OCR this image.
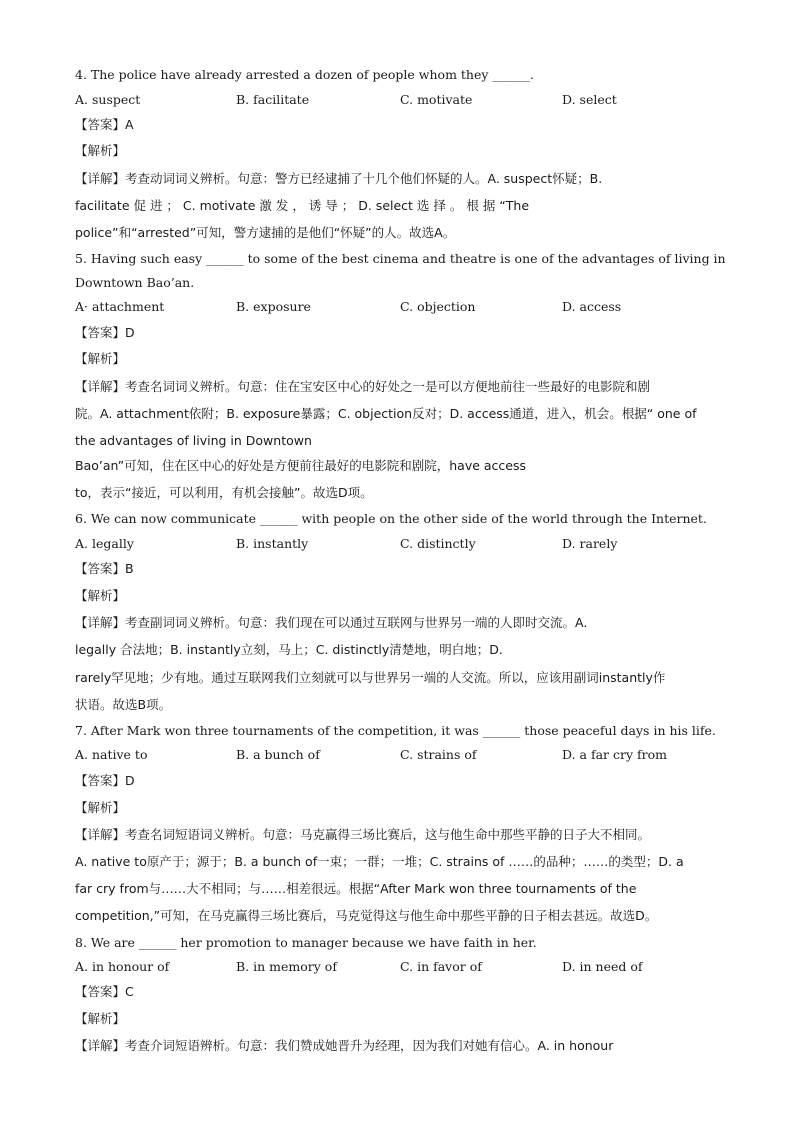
4. The police have already arrested a dozen of people whom they ______.
A. suspect	B. facilitate	C. motivate	D. select
【答案】A
【解析】
【详解】考查动词词义辨析。句意：警方已经逮捕了十几个他们怀疑的人。A. suspect怀疑；B.
facilitate 促 进 ； C. motivate 激 发 ， 诱 导 ； D. select 选 择 。 根 据 “The
police”和“arrested”可知，警方逮捕的是他们“怀疑”的人。故选A。
5. Having such easy ______ to some of the best cinema and theatre is one of the advantages of living in
Downtown Bao’an.
A· attachment	B. exposure	C. objection	D. access
【答案】D
【解析】
【详解】考查名词词义辨析。句意：住在宝安区中心的好处之一是可以方便地前往一些最好的电影院和剧
院。A. attachment依附；B. exposure暴露；C. objection反对；D. access通道，进入，机会。根据“ one of
the advantages of living in Downtown
Bao’an”可知，住在区中心的好处是方便前往最好的电影院和剧院，have access
to，表示“接近，可以利用，有机会接触”。故选D项。
6. We can now communicate ______ with people on the other side of the world through the Internet.
A. legally	B. instantly	C. distinctly	D. rarely
【答案】B
【解析】
【详解】考查副词词义辨析。句意：我们现在可以通过互联网与世界另一端的人即时交流。A.
legally 合法地；B. instantly立刻，马上；C. distinctly清楚地，明白地；D.
rarely罕见地；少有地。通过互联网我们立刻就可以与世界另一端的人交流。所以，应该用副词instantly作
状语。故选B项。
7. After Mark won three tournaments of the competition, it was ______ those peaceful days in his life.
A. native to	B. a bunch of	C. strains of	D. a far cry from
【答案】D
【解析】
【详解】考查名词短语词义辨析。句意：马克赢得三场比赛后，这与他生命中那些平静的日子大不相同。
A. native to原产于；源于；B. a bunch of一束；一群；一堆；C. strains of ……的品种；……的类型；D. a
far cry from与……大不相同；与……相差很远。根据“After Mark won three tournaments of the
competition,”可知，在马克赢得三场比赛后，马克觉得这与他生命中那些平静的日子相去甚远。故选D。
8. We are ______ her promotion to manager because we have faith in her.
A. in honour of	B. in memory of	C. in favor of	D. in need of
【答案】C
【解析】
【详解】考查介词短语辨析。句意：我们赞成她晋升为经理，因为我们对她有信心。A. in honour
